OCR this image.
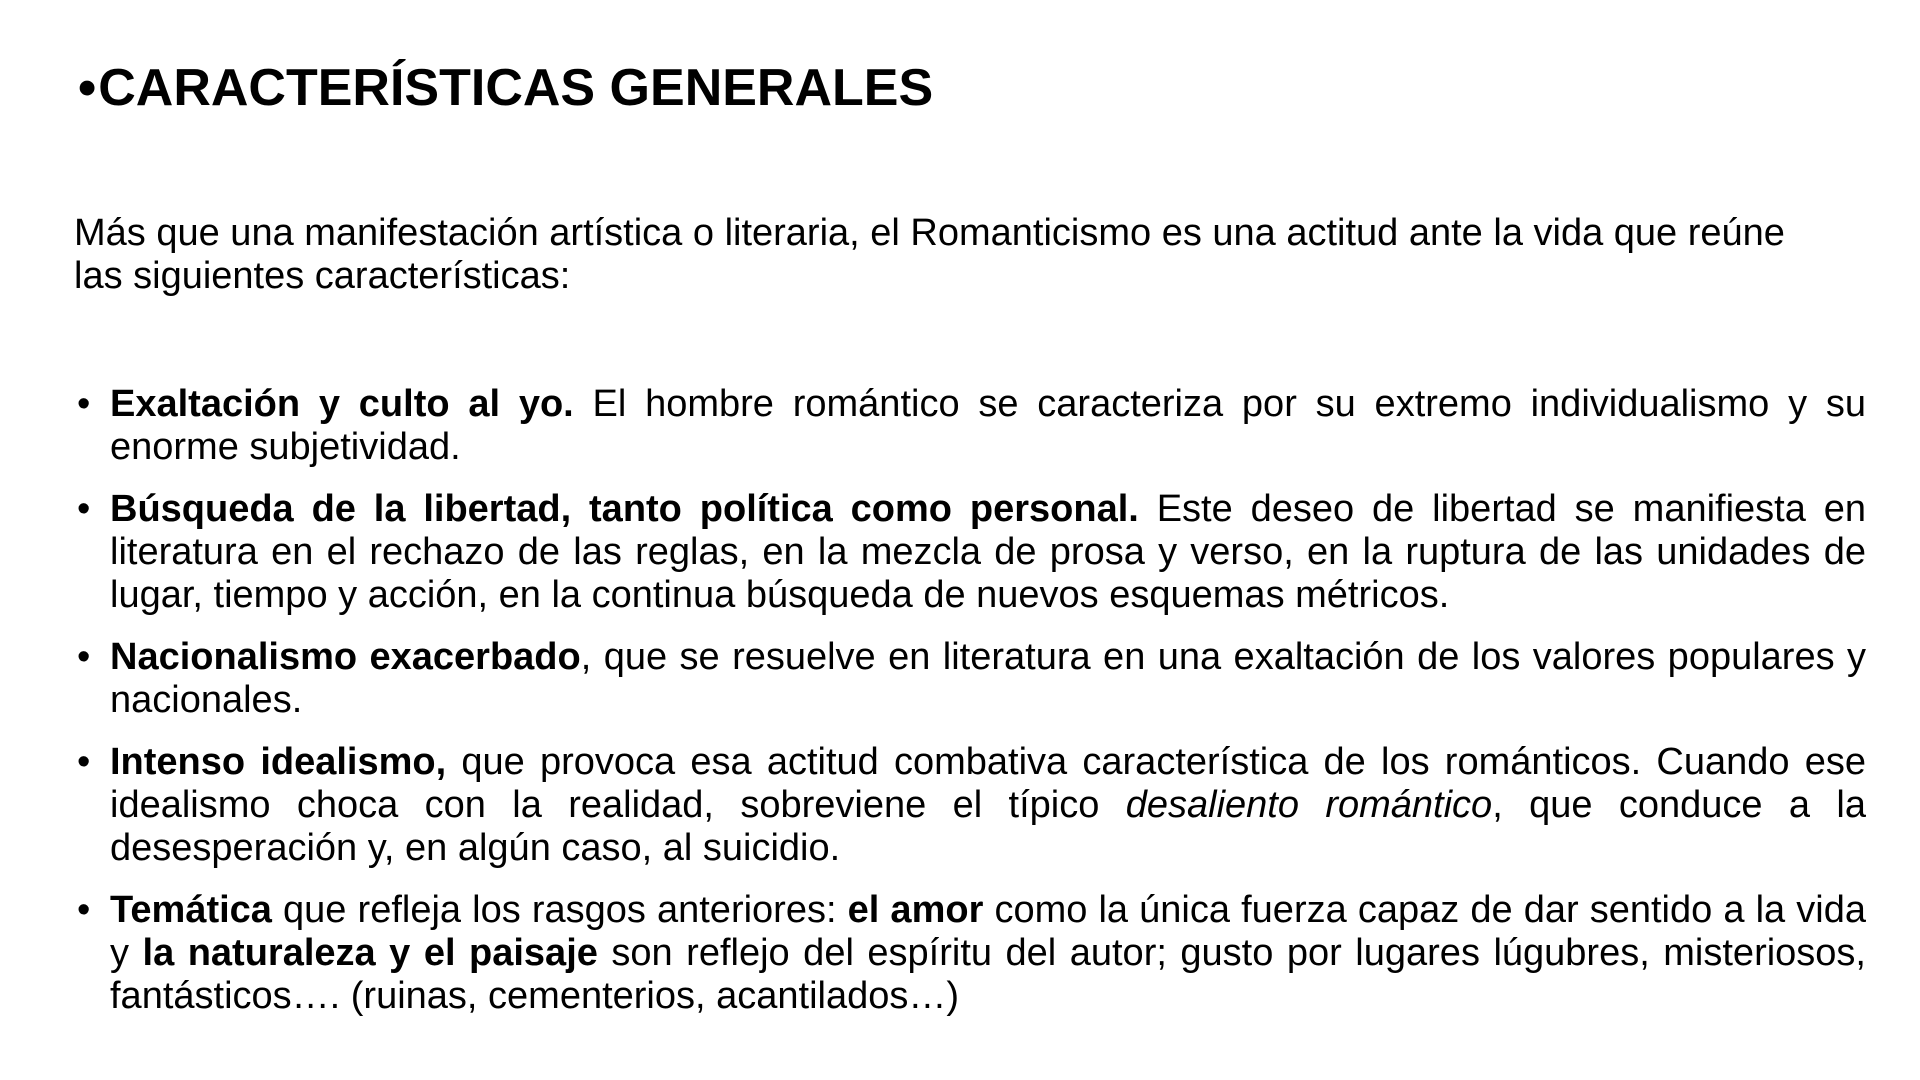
• CARACTERÍSTICAS GENERALES
Más que una manifestación artística o literaria, el Romanticismo es una actitud ante la vida que reúne las siguientes características:
• Exaltación y culto al yo. El hombre romántico se caracteriza por su extremo individualismo y su enorme subjetividad.
• Búsqueda de la libertad, tanto política como personal. Este deseo de libertad se manifiesta en literatura en el rechazo de las reglas, en la mezcla de prosa y verso, en la ruptura de las unidades de lugar, tiempo y acción, en la continua búsqueda de nuevos esquemas métricos.
• Nacionalismo exacerbado, que se resuelve en literatura en una exaltación de los valores populares y nacionales.
• Intenso idealismo, que provoca esa actitud combativa característica de los románticos. Cuando ese idealismo choca con la realidad, sobreviene el típico desaliento romántico, que conduce a la desesperación y, en algún caso, al suicidio.
• Temática que refleja los rasgos anteriores: el amor como la única fuerza capaz de dar sentido a la vida y la naturaleza y el paisaje son reflejo del espíritu del autor; gusto por lugares lúgubres, misteriosos, fantásticos…. (ruinas, cementerios, acantilados…)
